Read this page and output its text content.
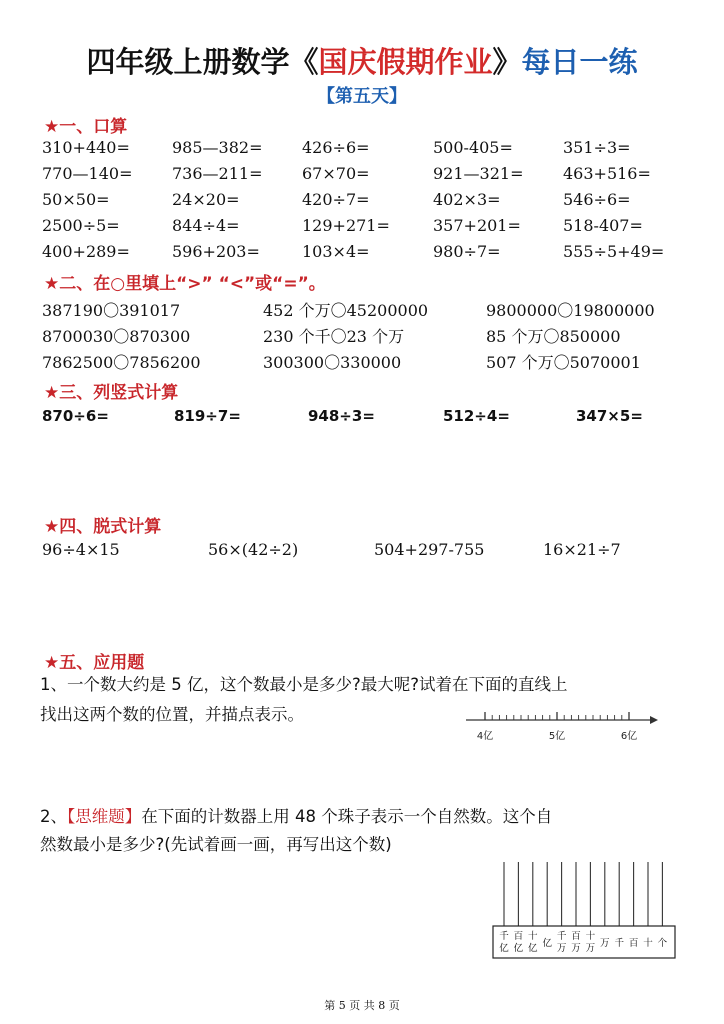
四年级上册数学《国庆假期作业》每日一练
【第五天】
★一、口算
310+440=	985—382= 426÷6=	500-405=	351÷3=
770—140= 736—211= 67×70=	921—321= 463+516=
50×50=	24×20=	420÷7=	402×3=	546÷6=
2500÷5=	844÷4=	129+271=	357+201=	518-407=
400+289=	596+203=	103×4=	980÷7=	555÷5+49=
★二、在○里填上“>” “<”或“=”。
387190〇391017	452 个万〇45200000	9800000〇19800000
8700030〇870300	230 个千〇23 个万	85 个万〇850000
7862500〇7856200	300300〇330000	507 个万〇5070001
★三、列竖式计算
870÷6=	819÷7=	948÷3=	512÷4=	347×5=
★四、脱式计算
96÷4×15	56×(42÷2)	504+297-755	16×21÷7
★五、应用题
1、一个数大约是 5 亿，这个数最小是多少?最大呢?试着在下面的直线上
找出这两个数的位置，并描点表示。
4亿	5亿	6亿
2、【思维题】在下面的计数器上用 48 个珠子表示一个自然数。这个自
然数最小是多少?(先试着画一画，再写出这个数)
千
亿
百
亿
十
亿 亿
千
万
百
万
十
万 万 千 百 十 个
第 5 页 共 8 页
